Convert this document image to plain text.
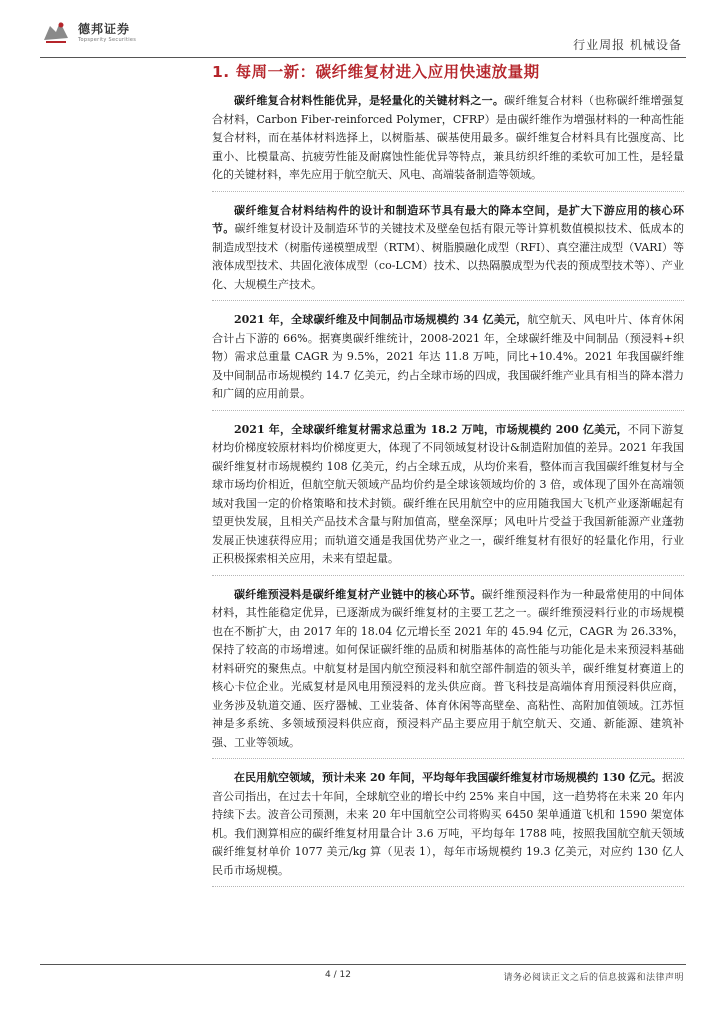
德邦证券
Topsperity Securities	行业周报 机械设备
1. 每周一新：碳纤维复材进入应用快速放量期

碳纤维复合材料性能优异，是轻量化的关键材料之一。碳纤维复合材料（也称碳纤维增强复合材料，Carbon Fiber-reinforced Polymer，CFRP）是由碳纤维作为增强材料的一种高性能复合材料，而在基体材料选择上，以树脂基、碳基使用最多。碳纤维复合材料具有比强度高、比重小、比模量高、抗疲劳性能及耐腐蚀性能优异等特点，兼具纺织纤维的柔软可加工性，是轻量化的关键材料，率先应用于航空航天、风电、高端装备制造等领域。

碳纤维复合材料结构件的设计和制造环节具有最大的降本空间，是扩大下游应用的核心环节。碳纤维复材设计及制造环节的关键技术及壁垒包括有限元等计算机数值模拟技术、低成本的制造成型技术（树脂传递模塑成型（RTM）、树脂膜融化成型（RFI）、真空灌注成型（VARI）等液体成型技术、共固化液体成型（co-LCM）技术、以热隔膜成型为代表的预成型技术等）、产业化、大规模生产技术。

2021 年，全球碳纤维及中间制品市场规模约 34 亿美元，航空航天、风电叶片、体育休闲合计占下游的 66%。据赛奥碳纤维统计，2008-2021 年，全球碳纤维及中间制品（预浸料+织物）需求总重量 CAGR 为 9.5%，2021 年达 11.8 万吨，同比+10.4%。2021 年我国碳纤维及中间制品市场规模约 14.7 亿美元，约占全球市场的四成，我国碳纤维产业具有相当的降本潜力和广阔的应用前景。

2021 年，全球碳纤维复材需求总重为 18.2 万吨，市场规模约 200 亿美元，不同下游复材均价梯度较原材料均价梯度更大，体现了不同领域复材设计&制造附加值的差异。2021 年我国碳纤维复材市场规模约 108 亿美元，约占全球五成，从均价来看，整体而言我国碳纤维复材与全球市场均价相近，但航空航天领域产品均价约是全球该领域均价的 3 倍，或体现了国外在高端领域对我国一定的价格策略和技术封锁。碳纤维在民用航空中的应用随我国大飞机产业逐渐崛起有望更快发展，且相关产品技术含量与附加值高，壁垒深厚；风电叶片受益于我国新能源产业蓬勃发展正快速获得应用；而轨道交通是我国优势产业之一，碳纤维复材有很好的轻量化作用，行业正积极探索相关应用，未来有望起量。

碳纤维预浸料是碳纤维复材产业链中的核心环节。碳纤维预浸料作为一种最常使用的中间体材料，其性能稳定优异，已逐渐成为碳纤维复材的主要工艺之一。碳纤维预浸料行业的市场规模也在不断扩大，由 2017 年的 18.04 亿元增长至 2021 年的 45.94 亿元，CAGR 为 26.33%，保持了较高的市场增速。如何保证碳纤维的品质和树脂基体的高性能与功能化是未来预浸料基础材料研究的聚焦点。中航复材是国内航空预浸料和航空部件制造的领头羊，碳纤维复材赛道上的核心卡位企业。光威复材是风电用预浸料的龙头供应商。普飞科技是高端体育用预浸料供应商，业务涉及轨道交通、医疗器械、工业装备、体育休闲等高壁垒、高粘性、高附加值领域。江苏恒神是多系统、多领域预浸料供应商，预浸料产品主要应用于航空航天、交通、新能源、建筑补强、工业等领域。

在民用航空领域，预计未来 20 年间，平均每年我国碳纤维复材市场规模约 130 亿元。据波音公司指出，在过去十年间，全球航空业的增长中约 25% 来自中国，这一趋势将在未来 20 年内持续下去。波音公司预测，未来 20 年中国航空公司将购买 6450 架单通道飞机和 1590 架宽体机。我们测算相应的碳纤维复材用量合计 3.6 万吨，平均每年 1788 吨，按照我国航空航天领域碳纤维复材单价 1077 美元/kg 算（见表 1），每年市场规模约 19.3 亿美元，对应约 130 亿人民币市场规模。

4 / 12	请务必阅读正文之后的信息披露和法律声明
